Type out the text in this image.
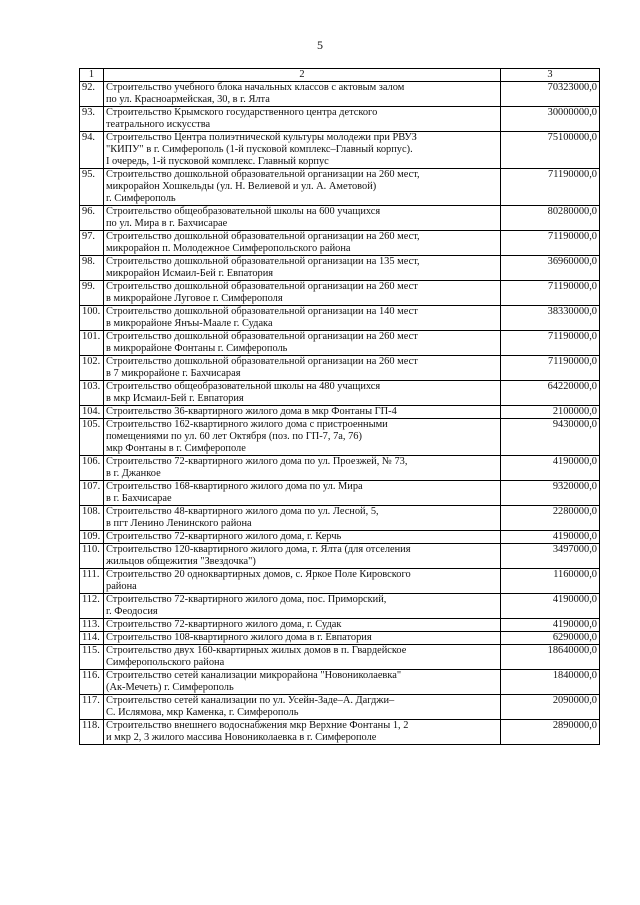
5
1	2	3
92.	Строительство учебного блока начальных классов с актовым залом
по ул. Красноармейская, 30, в г. Ялта	70323000,0
93.	Строительство Крымского государственного центра детского
театрального искусства	30000000,0
94.	Строительство Центра полиэтнической культуры молодежи при РВУЗ
"КИПУ" в г. Симферополь (1-й пусковой комплекс–Главный корпус).
I очередь, 1-й пусковой комплекс. Главный корпус	75100000,0
95.	Строительство дошкольной образовательной организации на 260 мест,
микрорайон Хошкельды (ул. Н. Велиевой и ул. А. Аметовой)
г. Симферополь	71190000,0
96.	Строительство общеобразовательной школы на 600 учащихся
по ул. Мира в г. Бахчисарае	80280000,0
97.	Строительство дошкольной образовательной организации на 260 мест,
микрорайон п. Молодежное Симферопольского района	71190000,0
98.	Строительство дошкольной образовательной организации на 135 мест,
микрорайон Исмаил-Бей г. Евпатория	36960000,0
99.	Строительство дошкольной образовательной организации на 260 мест
в микрорайоне Луговое г. Симферополя	71190000,0
100.	Строительство дошкольной образовательной организации на 140 мест
в микрорайоне Янъы-Маале г. Судака	38330000,0
101.	Строительство дошкольной образовательной организации на 260 мест
в микрорайоне Фонтаны г. Симферополь	71190000,0
102.	Строительство дошкольной образовательной организации на 260 мест
в 7 микрорайоне г. Бахчисарая	71190000,0
103.	Строительство общеобразовательной школы на 480 учащихся
в мкр Исмаил-Бей г. Евпатория	64220000,0
104.	Строительство 36-квартирного жилого дома в мкр Фонтаны ГП-4	2100000,0
105.	Строительство 162-квартирного жилого дома с пристроенными
помещениями по ул. 60 лет Октября (поз. по ГП-7, 7а, 76)
мкр Фонтаны в г. Симферополе	9430000,0
106.	Строительство 72-квартирного жилого дома по ул. Проезжей, № 73,
в г. Джанкое	4190000,0
107.	Строительство 168-квартирного жилого дома по ул. Мира
в г. Бахчисарае	9320000,0
108.	Строительство 48-квартирного жилого дома по ул. Лесной, 5,
в пгт Ленино Ленинского района	2280000,0
109.	Строительство 72-квартирного жилого дома, г. Керчь	4190000,0
110.	Строительство 120-квартирного жилого дома, г. Ялта (для отселения
жильцов общежития "Звездочка")	3497000,0
111.	Строительство 20 одноквартирных домов, с. Яркое Поле Кировского
района	1160000,0
112.	Строительство 72-квартирного жилого дома, пос. Приморский,
г. Феодосия	4190000,0
113.	Строительство 72-квартирного жилого дома, г. Судак	4190000,0
114.	Строительство 108-квартирного жилого дома в г. Евпатория	6290000,0
115.	Строительство двух 160-квартирных жилых домов в п. Гвардейское
Симферопольского района	18640000,0
116.	Строительство сетей канализации микрорайона "Новониколаевка"
(Ак-Мечеть) г. Симферополь	1840000,0
117.	Строительство сетей канализации по ул. Усейн-Заде–А. Дагджи–
С. Ислямова, мкр Каменка, г. Симферополь	2090000,0
118.	Строительство внешнего водоснабжения мкр Верхние Фонтаны 1, 2
и мкр 2, 3 жилого массива Новониколаевка в г. Симферополе	2890000,0
